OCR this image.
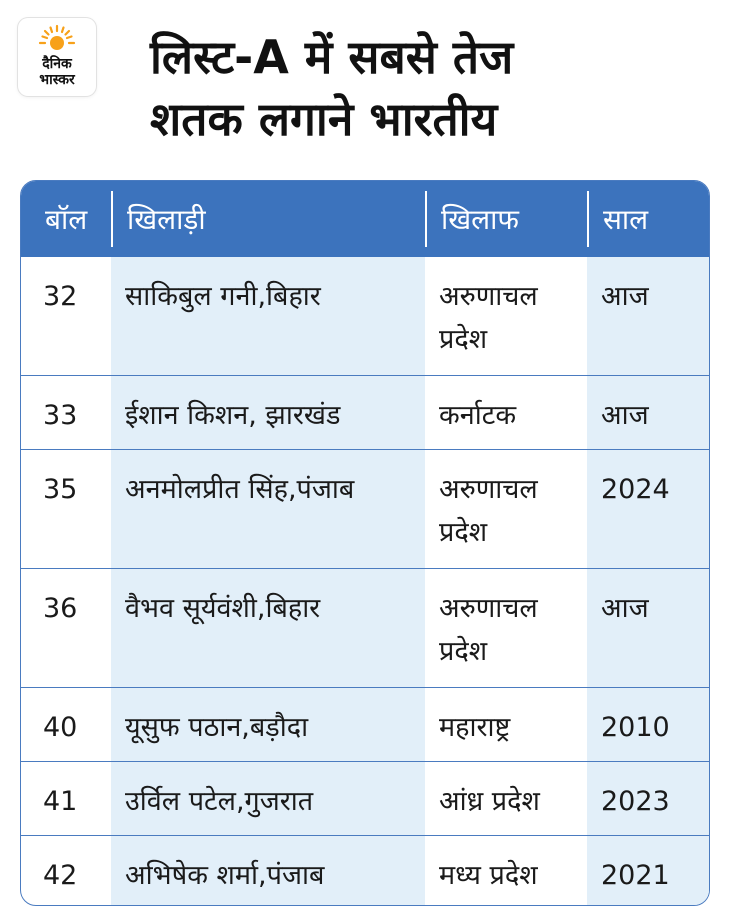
दैनिक
भास्कर	लिस्ट-A में सबसे तेज
शतक लगाने भारतीय
बॉल	खिलाड़ी	खिलाफ	साल
32	साकिबुल गनी,बिहार	अरुणाचल प्रदेश	आज
33	ईशान किशन, झारखंड	कर्नाटक	आज
35	अनमोलप्रीत सिंह,पंजाब	अरुणाचल प्रदेश	2024
36	वैभव सूर्यवंशी,बिहार	अरुणाचल प्रदेश	आज
40	यूसुफ पठान,बड़ौदा	महाराष्ट्र	2010
41	उर्विल पटेल,गुजरात	आंध्र प्रदेश	2023
42	अभिषेक शर्मा,पंजाब	मध्य प्रदेश	2021
